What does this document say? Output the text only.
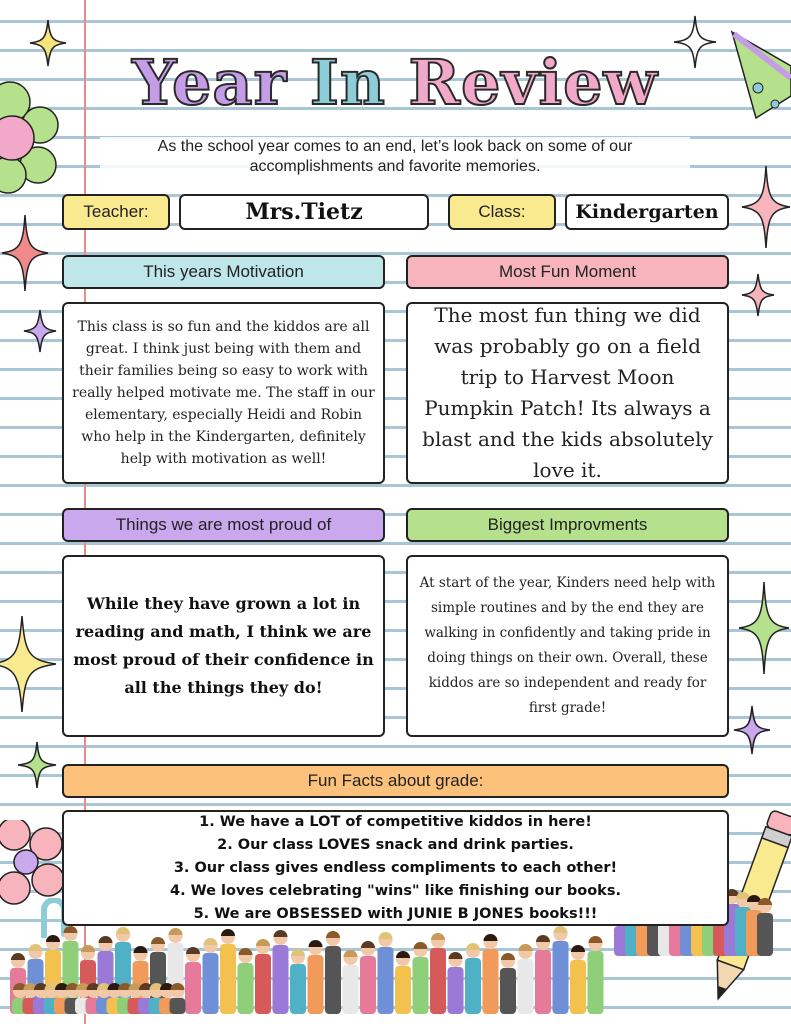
Year In Review
As the school year comes to an end, let’s look back on some of our accomplishments and favorite memories.
Teacher:	Mrs.Tietz	Class:	Kindergarten
This years Motivation	Most Fun Moment
This class is so fun and the kiddos are all great. I think just being with them and their families being so easy to work with really helped motivate me. The staff in our elementary, especially Heidi and Robin who help in the Kindergarten, definitely help with motivation as well!
The most fun thing we did was probably go on a field trip to Harvest Moon Pumpkin Patch! Its always a blast and the kids absolutely love it.
Things we are most proud of	Biggest Improvments
While they have grown a lot in reading and math, I think we are most proud of their confidence in all the things they do!
At start of the year, Kinders need help with simple routines and by the end they are walking in confidently and taking pride in doing things on their own. Overall, these kiddos are so independent and ready for first grade!
Fun Facts about grade:
1. We have a LOT of competitive kiddos in here!
2. Our class LOVES snack and drink parties.
3. Our class gives endless compliments to each other!
4. We loves celebrating "wins" like finishing our books.
5. We are OBSESSED with JUNIE B JONES books!!!
